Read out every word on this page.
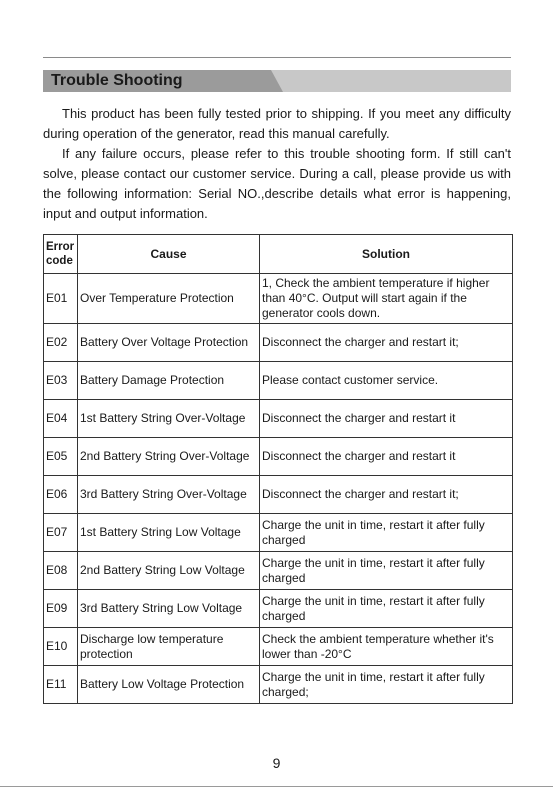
Trouble Shooting

This product has been fully tested prior to shipping. If you meet any difficulty during operation of the generator, read this manual carefully.

If any failure occurs, please refer to this trouble shooting form. If still can't solve, please contact our customer service. During a call, please provide us with the following information: Serial NO.,describe details what error is happening, input and output information.

Error code	Cause	Solution
E01	Over Temperature Protection	1, Check the ambient temperature if higher than 40°C. Output will start again if the generator cools down.
E02	Battery Over Voltage Protection	Disconnect the charger and restart it;
E03	Battery Damage Protection	Please contact customer service.
E04	1st Battery String Over-Voltage	Disconnect the charger and restart it
E05	2nd Battery String Over-Voltage	Disconnect the charger and restart it
E06	3rd Battery String Over-Voltage	Disconnect the charger and restart it;
E07	1st Battery String Low Voltage	Charge the unit in time, restart it after fully charged
E08	2nd Battery String Low Voltage	Charge the unit in time, restart it after fully charged
E09	3rd Battery String Low Voltage	Charge the unit in time, restart it after fully charged
E10	Discharge low temperature protection	Check the ambient temperature whether it's lower than -20°C
E11	Battery Low Voltage Protection	Charge the unit in time, restart it after fully charged;
9
